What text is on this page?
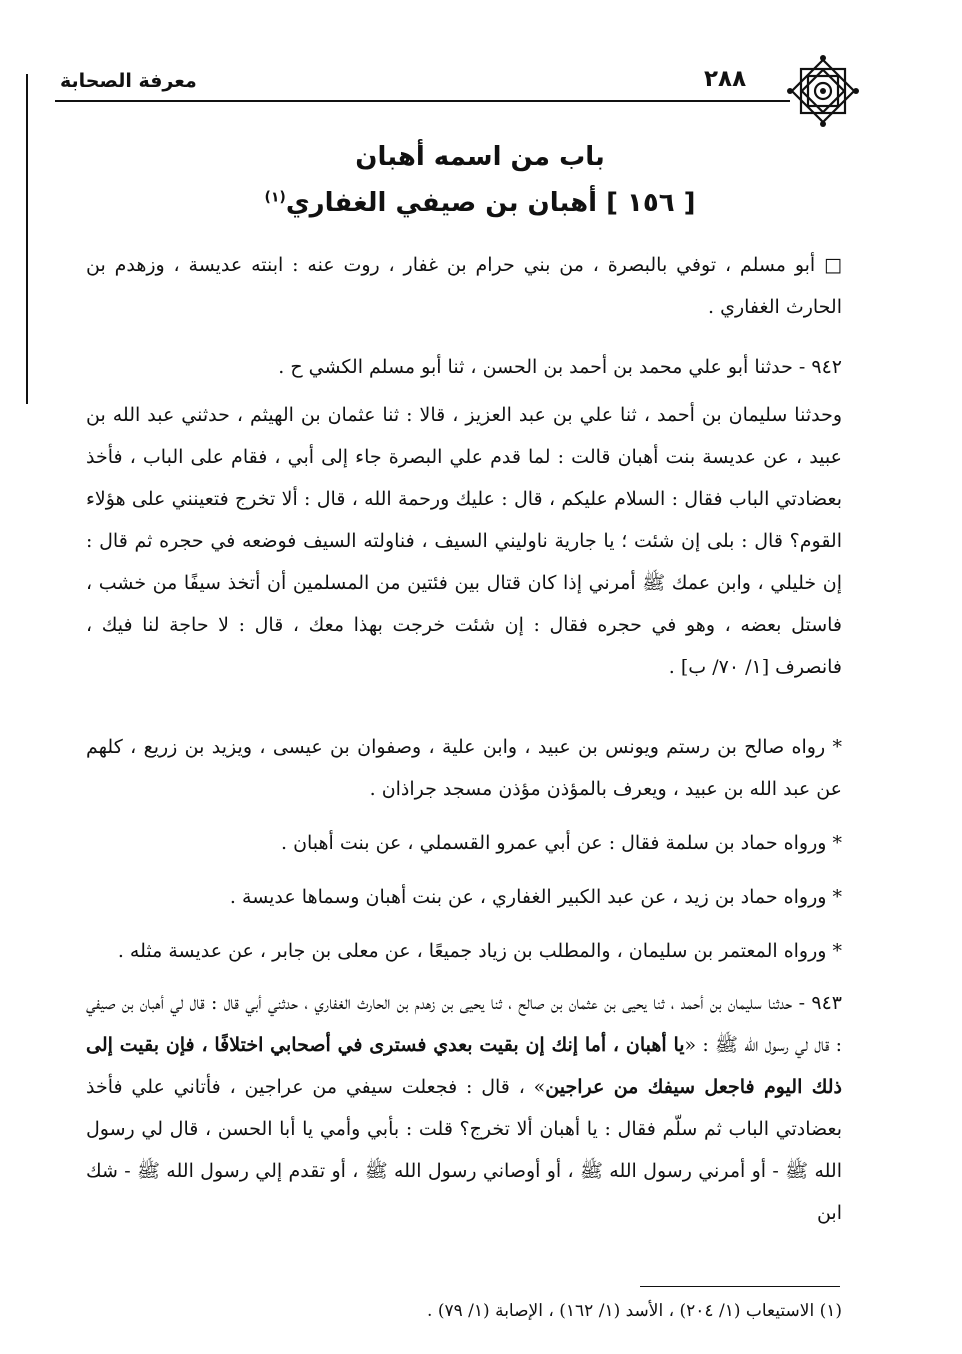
معرفة الصحابة	٢٨٨
باب من اسمه أهبان
[ ١٥٦ ] أهبان بن صيفي الغفاري$^{(١)}$
□ أبو مسلم ، توفي بالبصرة ، من بني حرام بن غفار ، روت عنه : ابنته عديسة ، وزهدم بن الحارث الغفاري .
٩٤٢ - حدثنا أبو علي محمد بن أحمد بن الحسن ، ثنا أبو مسلم الكشي ح .
وحدثنا سليمان بن أحمد ، ثنا علي بن عبد العزيز ، قالا : ثنا عثمان بن الهيثم ، حدثني عبد الله بن عبيد ، عن عديسة بنت أهبان قالت : لما قدم علي البصرة جاء إلى أبي ، فقام على الباب ، فأخذ بعضادتي الباب فقال : السلام عليكم ، قال : عليك ورحمة الله ، قال : ألا تخرج فتعينني على هؤلاء القوم؟ قال : بلى إن شئت ؛ يا جارية ناوليني السيف ، فناولته السيف فوضعه في حجره ثم قال : إن خليلي ، وابن عمك ﷺ أمرني إذا كان قتال بين فئتين من المسلمين أن أتخذ سيفًا من خشب ، فاستل بعضه ، وهو في حجره فقال : إن شئت خرجت بهذا معك ، قال : لا حاجة لنا فيك ، فانصرف [١/ ٧٠/ ب] .
* رواه صالح بن رستم ويونس بن عبيد ، وابن علية ، وصفوان بن عيسى ، ويزيد بن زريع ، كلهم عن عبد الله بن عبيد ، ويعرف بالمؤذن مؤذن مسجد جراذان .
* ورواه حماد بن سلمة فقال : عن أبي عمرو القسملي ، عن بنت أهبان .
* ورواه حماد بن زيد ، عن عبد الكبير الغفاري ، عن بنت أهبان وسماها عديسة .
* ورواه المعتمر بن سليمان ، والمطلب بن زياد جميعًا ، عن معلى بن جابر ، عن عديسة مثله .
٩٤٣ - حدثنا سليمان بن أحمد ، ثنا يحيى بن عثمان بن صالح ، ثنا يحيى بن زهدم بن الحارث الغفاري ، حدثني أبي قال : قال لي أهبان بن صيفي : قال لي رسول الله ﷺ : «يا أهبان ، أما إنك إن بقيت بعدي فسترى في أصحابي اختلافًا ، فإن بقيت إلى ذلك اليوم فاجعل سيفك من عراجين» ، قال : فجعلت سيفي من عراجين ، فأتاني علي فأخذ بعضادتي الباب ثم سلّم فقال : يا أهبان ألا تخرج؟ قلت : بأبي وأمي يا أبا الحسن ، قال لي رسول الله ﷺ - أو أمرني رسول الله ﷺ ، أو أوصاني رسول الله ﷺ ، أو تقدم إلي رسول الله ﷺ - شك ابن
(١) الاستيعاب (١/ ٢٠٤) ، الأسد (١/ ١٦٢) ، الإصابة (١/ ٧٩) .
